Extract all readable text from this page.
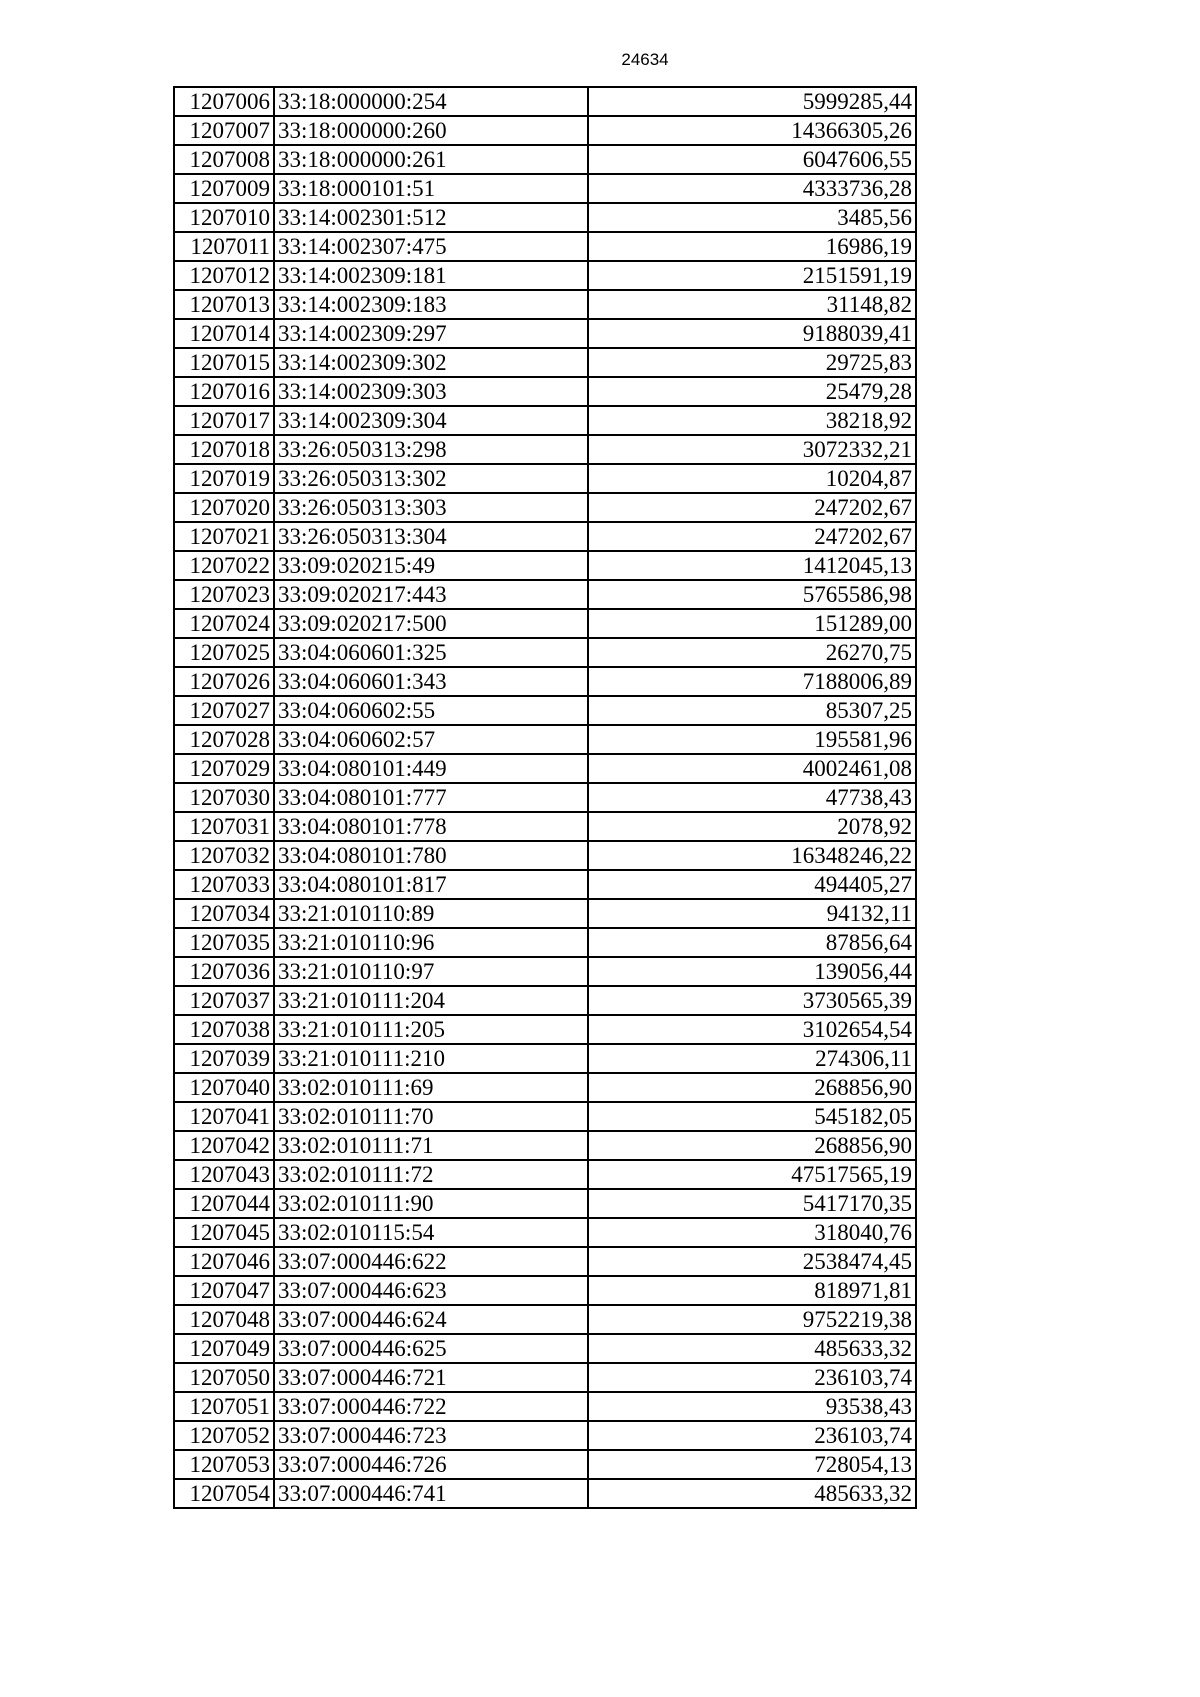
24634
1207006	33:18:000000:254	5999285,44
1207007	33:18:000000:260	14366305,26
1207008	33:18:000000:261	6047606,55
1207009	33:18:000101:51	4333736,28
1207010	33:14:002301:512	3485,56
1207011	33:14:002307:475	16986,19
1207012	33:14:002309:181	2151591,19
1207013	33:14:002309:183	31148,82
1207014	33:14:002309:297	9188039,41
1207015	33:14:002309:302	29725,83
1207016	33:14:002309:303	25479,28
1207017	33:14:002309:304	38218,92
1207018	33:26:050313:298	3072332,21
1207019	33:26:050313:302	10204,87
1207020	33:26:050313:303	247202,67
1207021	33:26:050313:304	247202,67
1207022	33:09:020215:49	1412045,13
1207023	33:09:020217:443	5765586,98
1207024	33:09:020217:500	151289,00
1207025	33:04:060601:325	26270,75
1207026	33:04:060601:343	7188006,89
1207027	33:04:060602:55	85307,25
1207028	33:04:060602:57	195581,96
1207029	33:04:080101:449	4002461,08
1207030	33:04:080101:777	47738,43
1207031	33:04:080101:778	2078,92
1207032	33:04:080101:780	16348246,22
1207033	33:04:080101:817	494405,27
1207034	33:21:010110:89	94132,11
1207035	33:21:010110:96	87856,64
1207036	33:21:010110:97	139056,44
1207037	33:21:010111:204	3730565,39
1207038	33:21:010111:205	3102654,54
1207039	33:21:010111:210	274306,11
1207040	33:02:010111:69	268856,90
1207041	33:02:010111:70	545182,05
1207042	33:02:010111:71	268856,90
1207043	33:02:010111:72	47517565,19
1207044	33:02:010111:90	5417170,35
1207045	33:02:010115:54	318040,76
1207046	33:07:000446:622	2538474,45
1207047	33:07:000446:623	818971,81
1207048	33:07:000446:624	9752219,38
1207049	33:07:000446:625	485633,32
1207050	33:07:000446:721	236103,74
1207051	33:07:000446:722	93538,43
1207052	33:07:000446:723	236103,74
1207053	33:07:000446:726	728054,13
1207054	33:07:000446:741	485633,32
